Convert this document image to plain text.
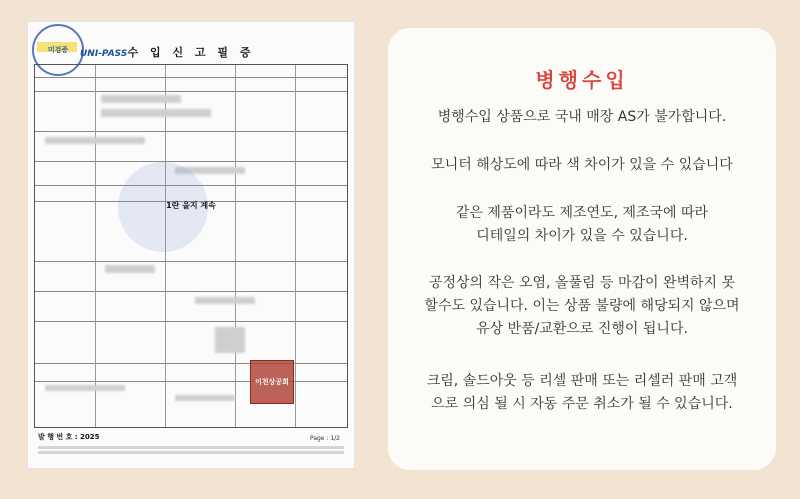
미검증 UNI-PASS 수 입 신 고 필 증
1란 을지 계속
이천상공회
발 행 번 호 : 2025	Page : 1/2
병행수입
병행수입 상품으로 국내 매장 AS가 불가합니다.
모니터 해상도에 따라 색 차이가 있을 수 있습니다
같은 제품이라도 제조연도, 제조국에 따라
디테일의 차이가 있을 수 있습니다.
공정상의 작은 오염, 올풀림 등 마감이 완벽하지 못
할수도 있습니다. 이는 상품 불량에 해당되지 않으며
유상 반품/교환으로 진행이 됩니다.
크림, 솔드아웃 등 리셀 판매 또는 리셀러 판매 고객
으로 의심 될 시 자동 주문 취소가 될 수 있습니다.
